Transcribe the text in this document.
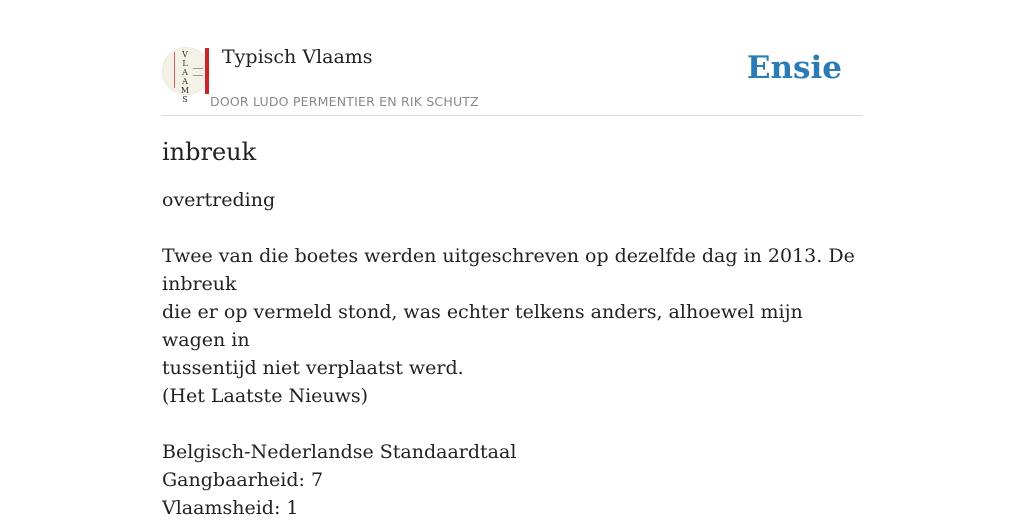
V
L
A
A
M
S
Typisch Vlaams
DOOR LUDO PERMENTIER EN RIK SCHUTZ
Ensie
inbreuk

overtreding

Twee van die boetes werden uitgeschreven op dezelfde dag in 2013. De inbreuk

die er op vermeld stond, was echter telkens anders, alhoewel mijn wagen in

tussentijd niet verplaatst werd.

(Het Laatste Nieuws)

Belgisch-Nederlandse Standaardtaal

Gangbaarheid: 7

Vlaamsheid: 1
